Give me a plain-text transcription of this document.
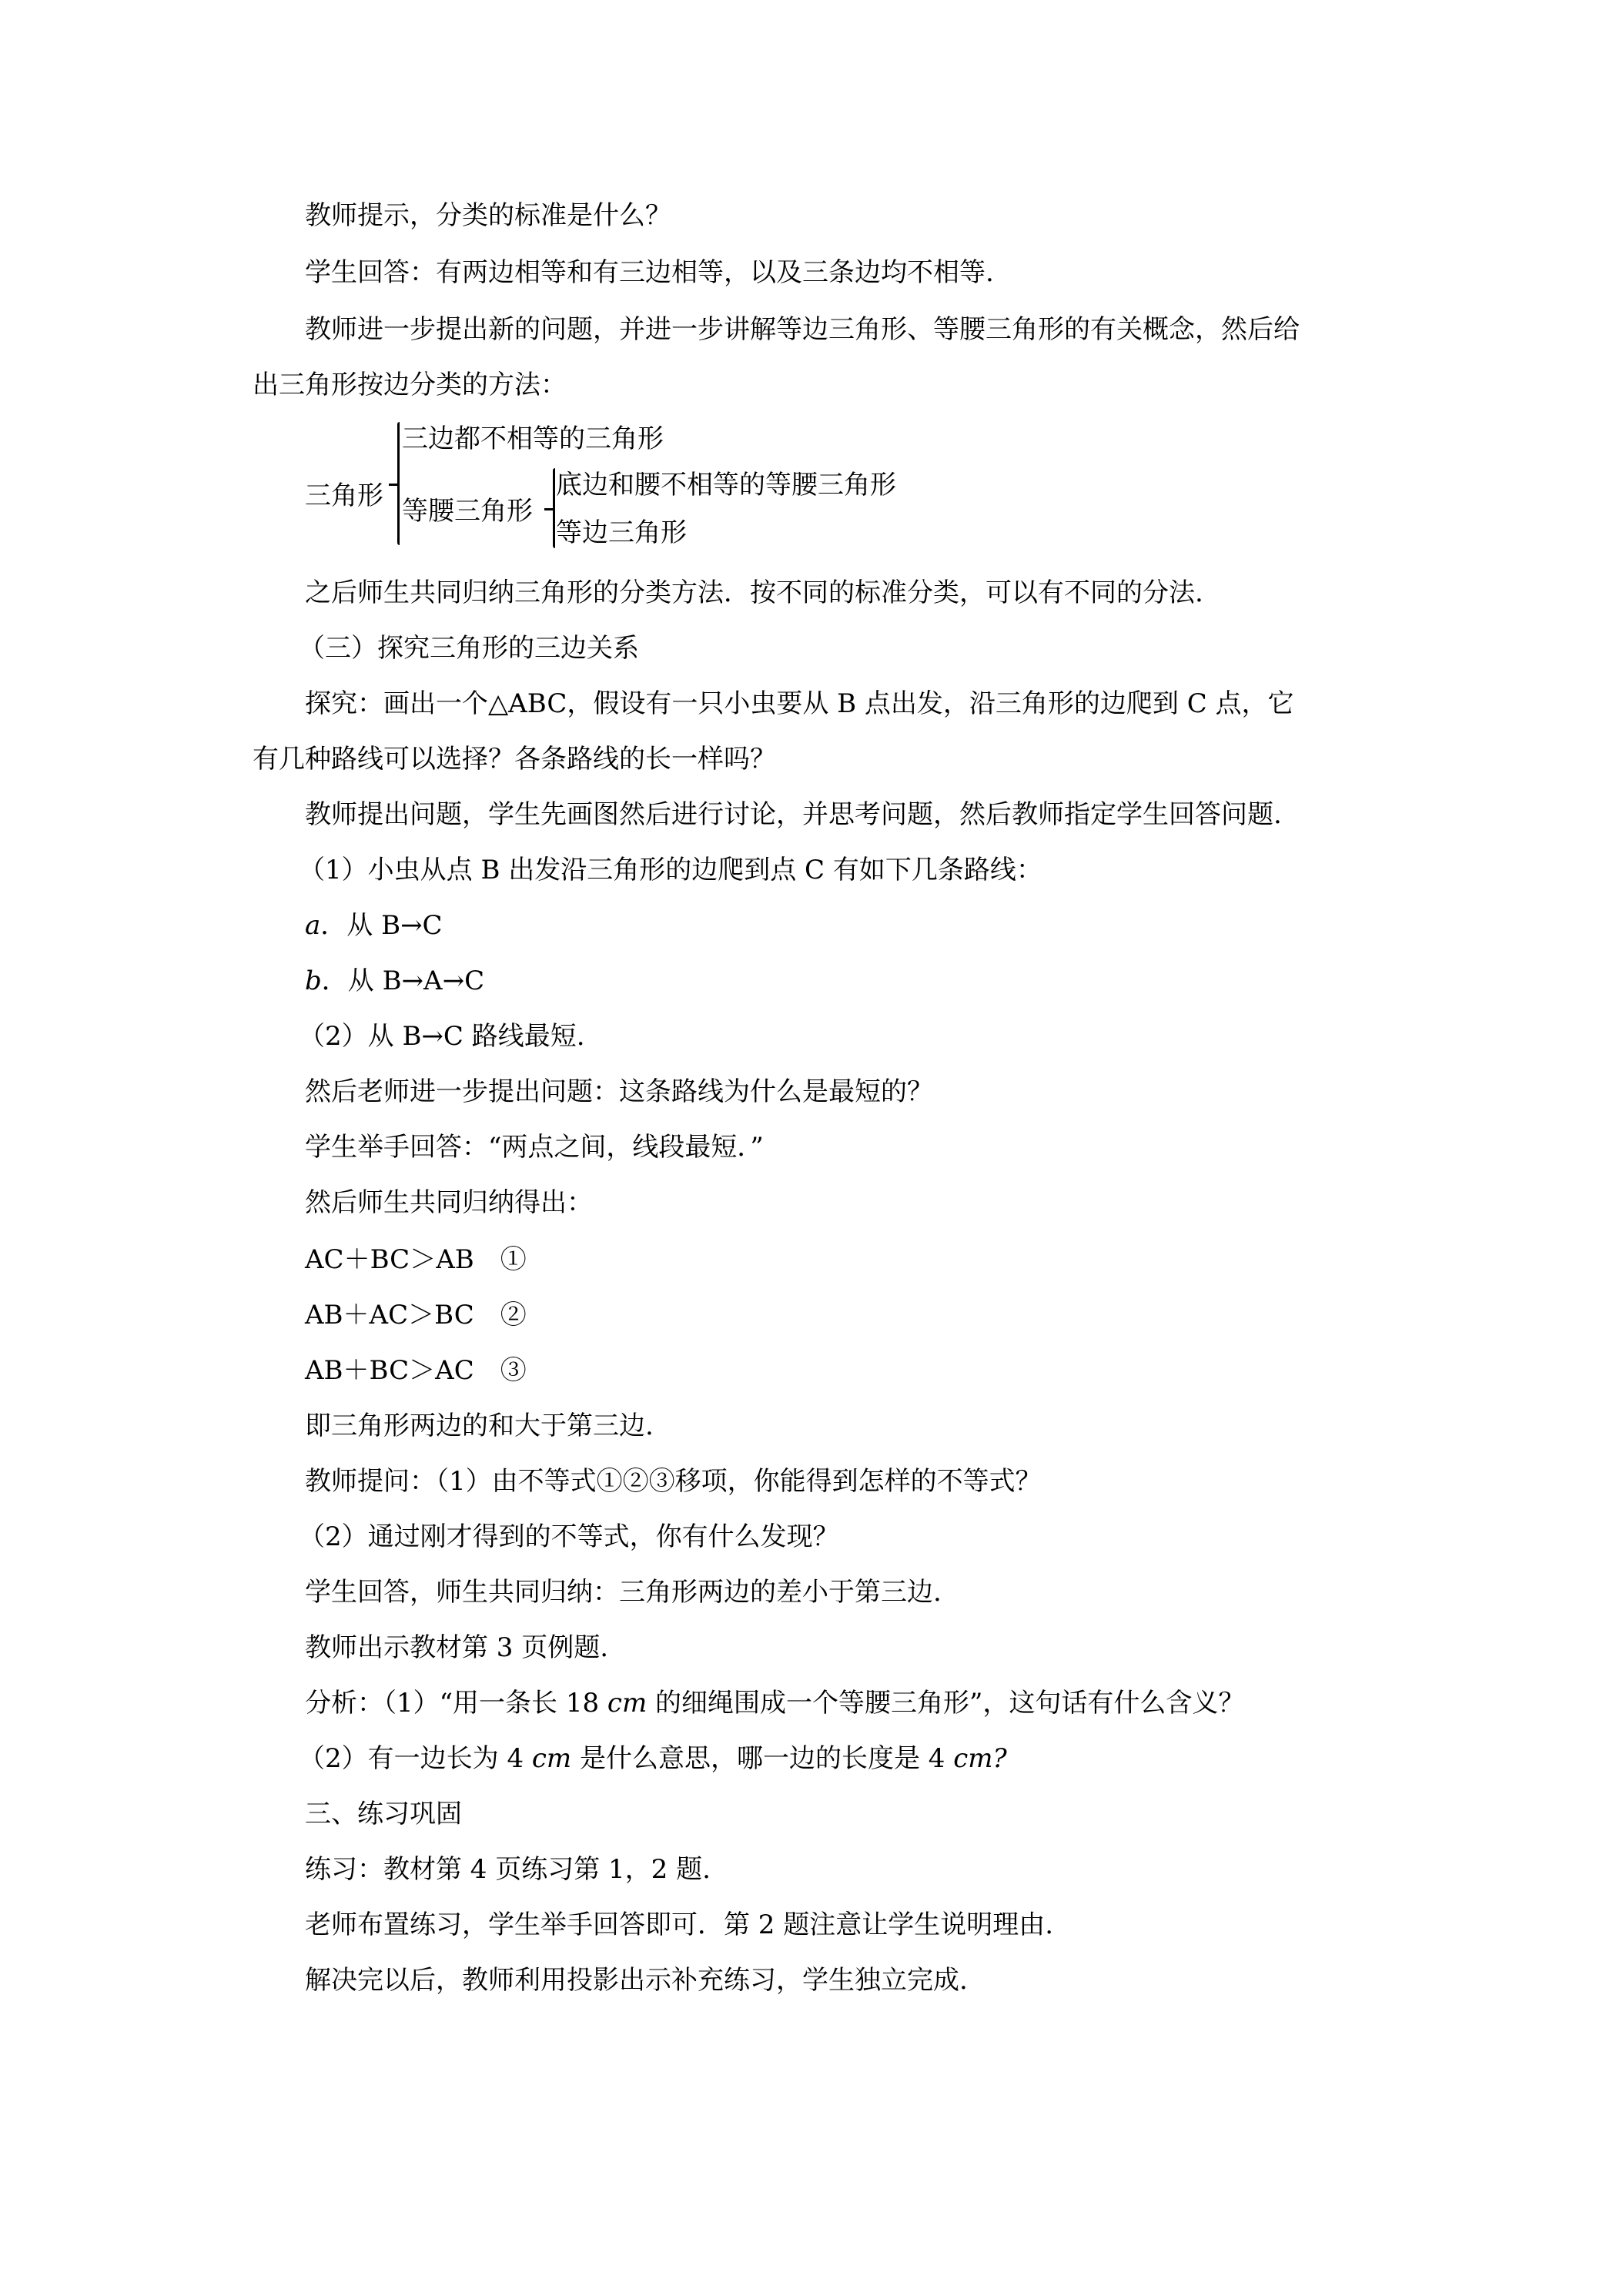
教师提示，分类的标准是什么？
学生回答：有两边相等和有三边相等，以及三条边均不相等.
教师进一步提出新的问题，并进一步讲解等边三角形、等腰三角形的有关概念，然后给
出三角形按边分类的方法：
三角形
三边都不相等的三角形
等腰三角形
底边和腰不相等的等腰三角形
等边三角形
之后师生共同归纳三角形的分类方法．按不同的标准分类，可以有不同的分法.
（三）探究三角形的三边关系
探究：画出一个△ABC，假设有一只小虫要从 B 点出发，沿三角形的边爬到 C 点，它
有几种路线可以选择？各条路线的长一样吗？
教师提出问题，学生先画图然后进行讨论，并思考问题，然后教师指定学生回答问题.
（1）小虫从点 B 出发沿三角形的边爬到点 C 有如下几条路线：
a．从 B→C
b．从 B→A→C
（2）从 B→C 路线最短.
然后老师进一步提出问题：这条路线为什么是最短的？
学生举手回答：“两点之间，线段最短．”
然后师生共同归纳得出：
AC＋BC＞AB　①
AB＋AC＞BC　②
AB＋BC＞AC　③
即三角形两边的和大于第三边.
教师提问：（1）由不等式①②③移项，你能得到怎样的不等式？
（2）通过刚才得到的不等式，你有什么发现？
学生回答，师生共同归纳：三角形两边的差小于第三边.
教师出示教材第 3 页例题.
分析：（1）“用一条长 18 cm 的细绳围成一个等腰三角形”，这句话有什么含义？
（2）有一边长为 4 cm 是什么意思，哪一边的长度是 4 cm?
三、练习巩固
练习：教材第 4 页练习第 1，2 题.
老师布置练习，学生举手回答即可．第 2 题注意让学生说明理由.
解决完以后，教师利用投影出示补充练习，学生独立完成.
